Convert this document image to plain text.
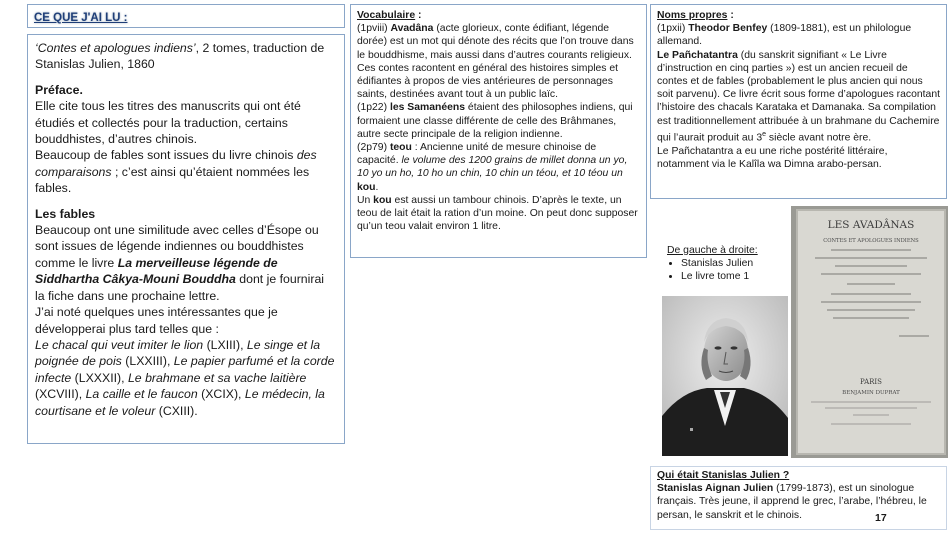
CE QUE J'AI LU :

‘Contes et apologues indiens’, 2 tomes, traduction de Stanislas Julien, 1860

Préface.

Elle cite tous les titres des manuscrits qui ont été étudiés et collectés pour la traduction, certains bouddhistes, d’autres chinois.

Beaucoup de fables sont issues du livre chinois des comparaisons ; c’est ainsi qu’étaient nommées les fables.

Les fables

Beaucoup ont une similitude avec celles d’Ésope ou sont issues de légende indiennes ou bouddhistes comme le livre La merveilleuse légende de Siddhartha Câkya-Mouni Bouddha dont je fournirai la fiche dans une prochaine lettre.

J’ai noté quelques unes intéressantes que je développerai plus tard telles que :

Le chacal qui veut imiter le lion (LXIII), Le singe et la poignée de pois (LXXIII), Le papier parfumé et la corde infecte (LXXXII), Le brahmane et sa vache laitière (XCVIII), La caille et le faucon (XCIX), Le médecin, la courtisane et le voleur (CXIII).

Vocabulaire :
(1pviii) Avadâna (acte glorieux, conte édifiant, légende dorée) est un mot qui dénote des récits que l’on trouve dans le bouddhisme, mais aussi dans d’autres courants religieux. Ces contes racontent en général des histoires simples et édifiantes à propos de vies antérieures de personnages saints, destinées avant tout à un public laïc.
(1p22) les Samanéens étaient des philosophes indiens, qui formaient une classe différente de celle des Brâhmanes, autre secte principale de la religion indienne.
(2p79) teou : Ancienne unité de mesure chinoise de capacité. le volume des 1200 grains de millet donna un yo, 10 yo un ho, 10 ho un chin, 10 chin un téou, et 10 téou un kou.
Un kou est aussi un tambour chinois. D’après le texte, un teou de lait était la ration d’un moine. On peut donc supposer qu’un teou valait environ 1 litre.
Noms propres :
(1pxii) Theodor Benfey (1809-1881), est un philologue allemand.
Le Pañchatantra (du sanskrit signifiant « Le Livre d’instruction en cinq parties ») est un ancien recueil de contes et de fables (probablement le plus ancien qui nous soit parvenu). Ce livre écrit sous forme d’apologues racontant l’histoire des chacals Karataka et Damanaka. Sa compilation est traditionnellement attribuée à un brahmane du Cachemire qui l’aurait produit au 3e siècle avant notre ère.
Le Pañchatantra a eu une riche postérité littéraire, notamment via le Kalîla wa Dimna arabo-persan.
De gauche à droite:
• Stanislas Julien
• Le livre tome 1
LES AVADÂNAS
CONTES ET APOLOGUES INDIENS
PARIS
BENJAMIN DUPRAT
Qui était Stanislas Julien ?
Stanislas Aignan Julien (1799-1873), est un sinologue français. Très jeune, il apprend le grec, l’arabe, l’hébreu, le persan, le sanskrit et le chinois.	17
